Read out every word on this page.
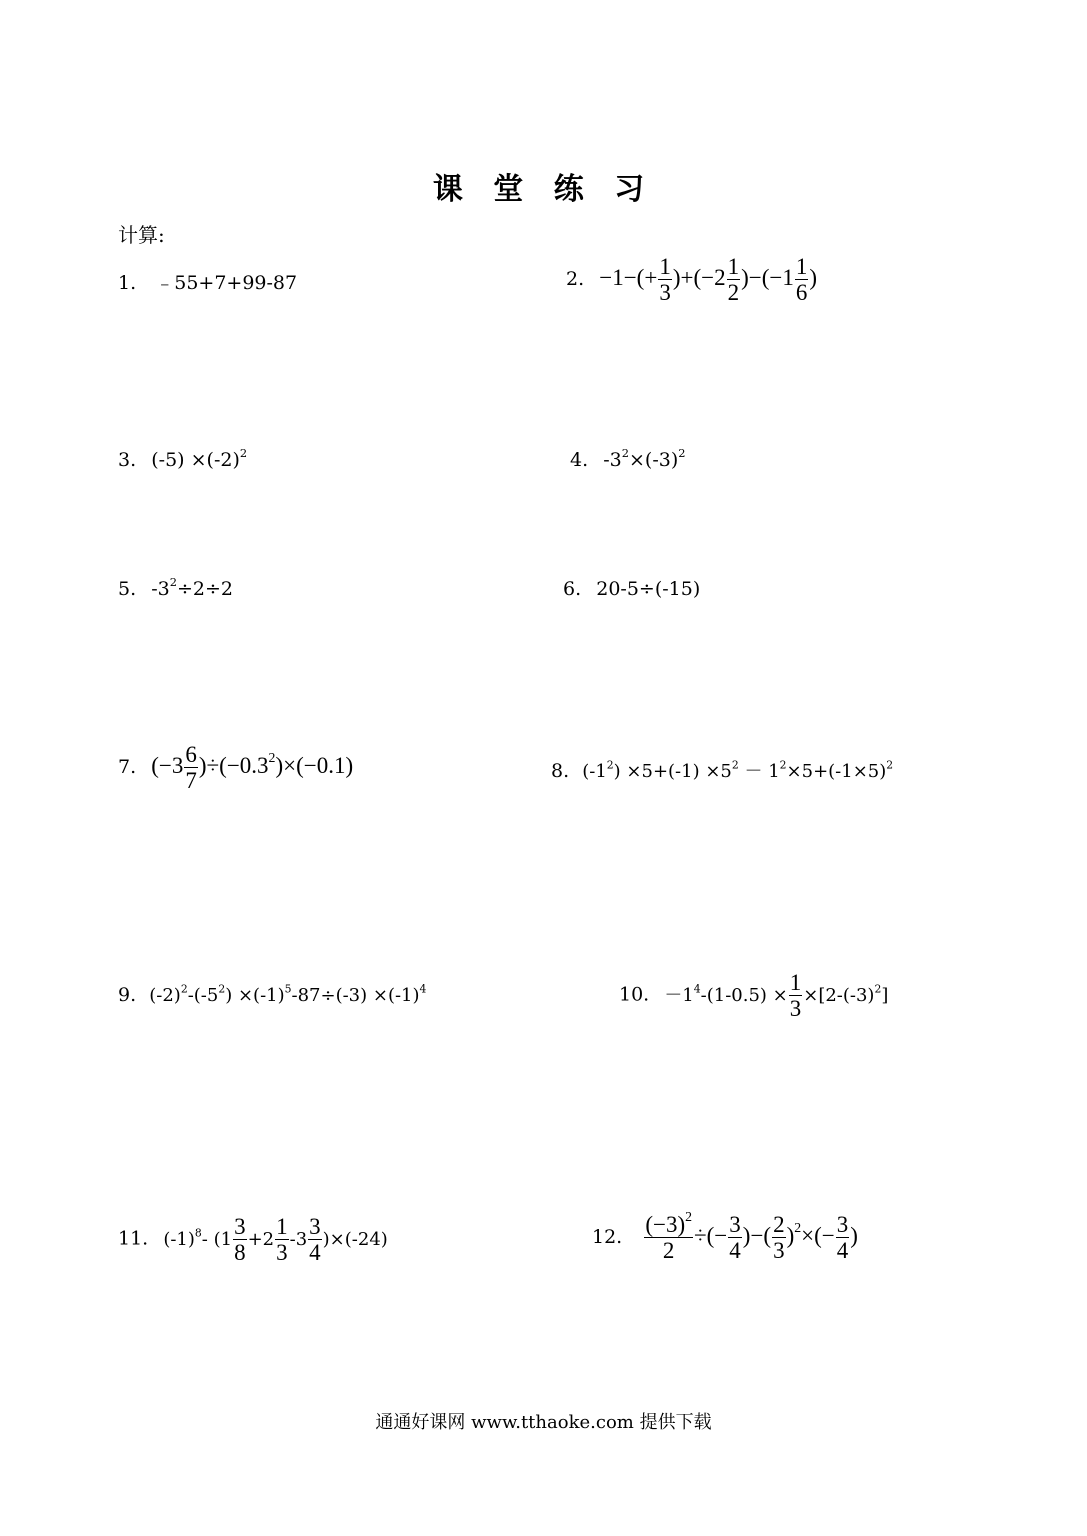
课 堂 练 习
计算:
1. ﹣55+7+99-87	2. $-1-(+ \frac{1}{3} )+(-2 \frac{1}{2} )-(-1 \frac{1}{6}$ )
3. $(-5) \times(-2)^2$	4. $-3^2\times(-3)^2$
5. $-3^2\div 2\div 2$	6. 20-5÷(-15)
7. $(-3 \frac{6}{7} )\div(-0.3^2)\times(-0.1)$	8. $(-1^2) \times 5+(-1) \times 5^2 - 1^2\times 5+(-1\times 5)^2$
9. $(-2)^2-(-5^2) \times(-1)^5-87\div(-3) \times(-1)^4$	10. $-1^4-(1-0.5) \times \frac{1}{3} \times[2-(-3)^2]$
11. $(-1)^8-$ $(1 \frac{3}{8} +2 \frac{1}{3} -3 \frac{3}{4} )\times(-24)$	12. $\frac{(-3)^2}{2}$ ÷(− $\frac{3}{4}$ )−( $\frac{2}{3} )^2\times(- \frac{3}{4}$ )
通通好课网 www.tthaoke.com 提供下载
